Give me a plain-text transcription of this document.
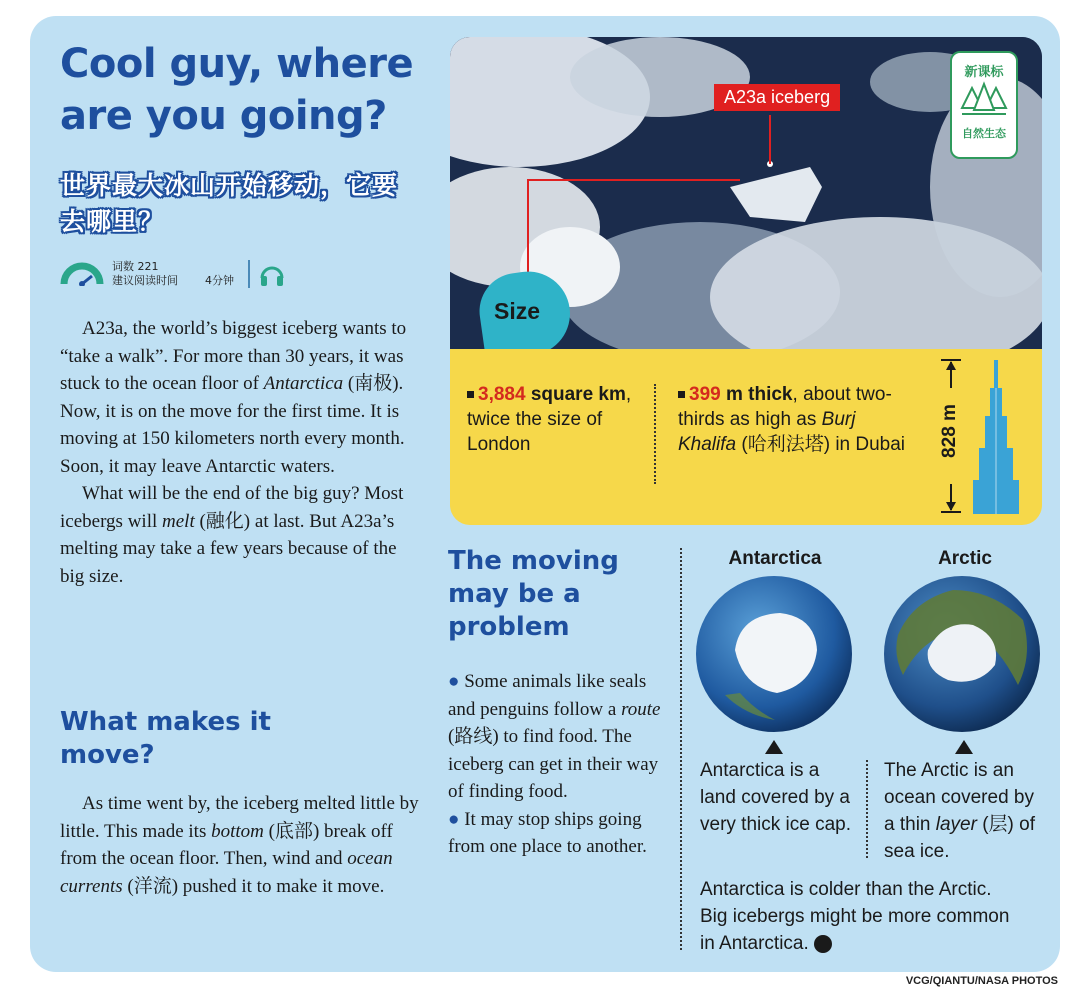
Cool guy, where are you going?
世界最大冰山开始移动，它要去哪里？
词数 221
建议阅读时间 4分钟

A23a, the world’s biggest iceberg wants to “take a walk”. For more than 30 years, it was stuck to the ocean floor of Antarctica (南极). Now, it is on the move for the first time. It is moving at 150 kilometers north every month. Soon, it may leave Antarctic waters.

What will be the end of the big guy? Most icebergs will melt (融化) at last. But A23a’s melting may take a few years because of the big size.

What makes it move?

As time went by, the iceberg melted little by little. This made its bottom (底部) break off from the ocean floor. Then, wind and ocean currents (洋流) pushed it to make it move.

A23a iceberg
新课标
自然生态
Size
3,884 square km, twice the size of London
399 m thick, about two-thirds as high as Burj Khalifa (哈利法塔) in Dubai	828 m
The moving may be a problem
● Some animals like seals and penguins follow a route (路线) to find food. The iceberg can get in their way of finding food.
● It may stop ships going from one place to another.
Antarctica	Arctic
Antarctica is a land covered by a very thick ice cap.
The Arctic is an ocean covered by a thin layer (层) of sea ice.
Antarctica is colder than the Arctic. Big icebergs might be more common in Antarctica.
VCG/QIANTU/NASA PHOTOS
